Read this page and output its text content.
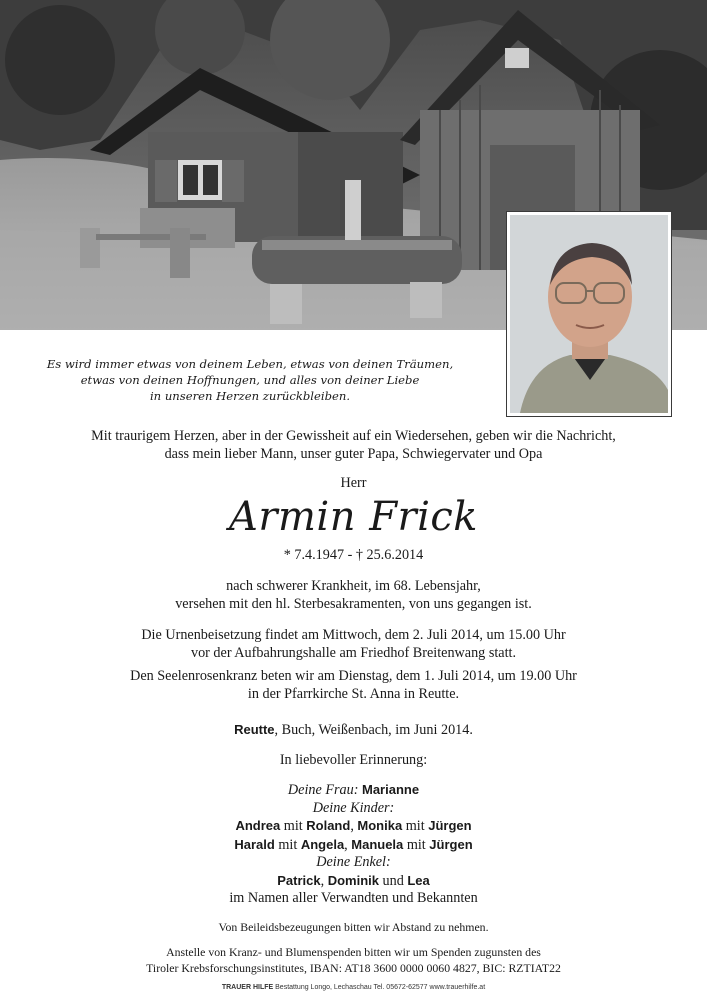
Es wird immer etwas von deinem Leben, etwas von deinen Träumen,
etwas von deinen Hoffnungen, und alles von deiner Liebe
in unseren Herzen zurückbleiben.
Mit traurigem Herzen, aber in der Gewissheit auf ein Wiedersehen, geben wir die Nachricht,
dass mein lieber Mann, unser guter Papa, Schwiegervater und Opa
Herr
Armin Frick
* 7.4.1947 - † 25.6.2014
nach schwerer Krankheit, im 68. Lebensjahr,
versehen mit den hl. Sterbesakramenten, von uns gegangen ist.
Die Urnenbeisetzung findet am Mittwoch, dem 2. Juli 2014, um 15.00 Uhr
vor der Aufbahrungshalle am Friedhof Breitenwang statt.
Den Seelenrosenkranz beten wir am Dienstag, dem 1. Juli 2014, um 19.00 Uhr
in der Pfarrkirche St. Anna in Reutte.
Reutte, Buch, Weißenbach, im Juni 2014.
In liebevoller Erinnerung:
Deine Frau: Marianne
Deine Kinder:
Andrea mit Roland, Monika mit Jürgen
Harald mit Angela, Manuela mit Jürgen
Deine Enkel:
Patrick, Dominik und Lea
im Namen aller Verwandten und Bekannten
Von Beileidsbezeugungen bitten wir Abstand zu nehmen.
Anstelle von Kranz- und Blumenspenden bitten wir um Spenden zugunsten des
Tiroler Krebsforschungsinstitutes, IBAN: AT18 3600 0000 0060 4827, BIC: RZTIAT22
TRAUER HILFE Bestattung Longo, Lechaschau Tel. 05672-62577 www.trauerhilfe.at
